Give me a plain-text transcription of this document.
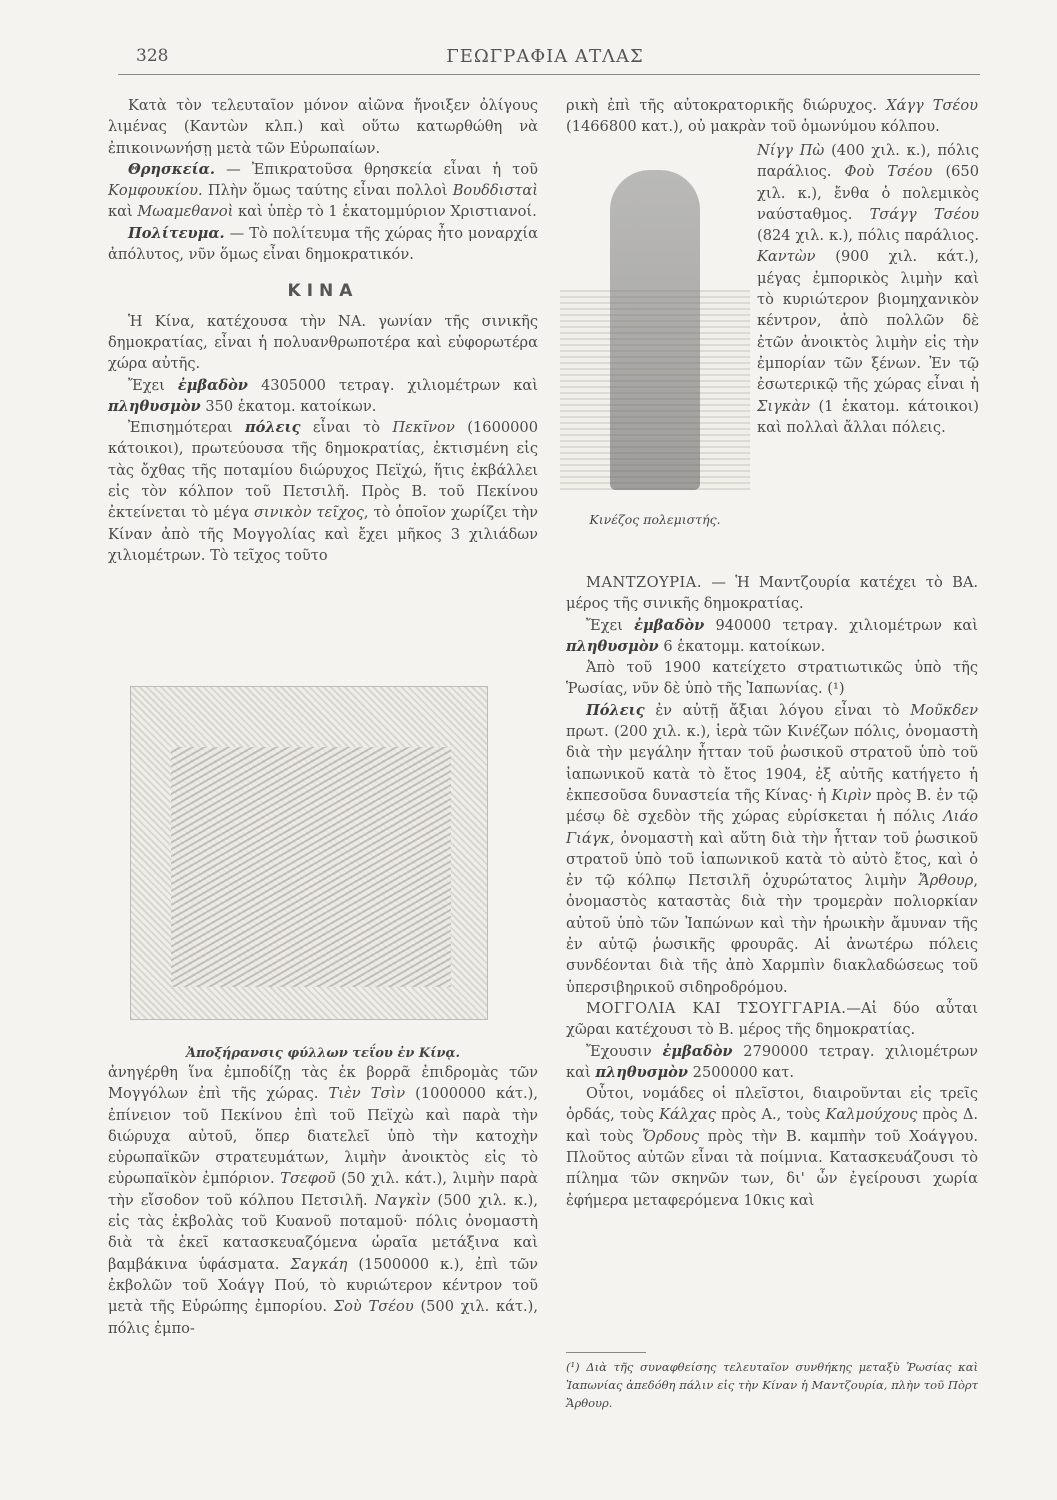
328	ΓΕΩΓΡΑΦΙΑ ΑΤΛΑΣ

Κατὰ τὸν τελευταῖον μόνον αἰῶνα ἤνοιξεν ὀλίγους λιμένας (Καντὼν κλπ.) καὶ οὕτω κατωρθώθη νὰ ἐπικοινωνήσῃ μετὰ τῶν Εὐρωπαίων.

Θρησκεία. — Ἐπικρατοῦσα θρησκεία εἶναι ἡ τοῦ Κομφουκίου. Πλὴν ὅμως ταύτης εἶναι πολλοὶ Βουδδισταὶ καὶ Μωαμεθανοὶ καὶ ὑπὲρ τὸ 1 ἑκατομμύριον Χριστιανοί.

Πολίτευμα. — Τὸ πολίτευμα τῆς χώρας ἦτο μοναρχία ἀπόλυτος, νῦν ὅμως εἶναι δημοκρατικόν.

ΚΙΝΑ

Ἡ Κίνα, κατέχουσα τὴν ΝΑ. γωνίαν τῆς σινικῆς δημοκρατίας, εἶναι ἡ πολυανθρωποτέρα καὶ εὐφορωτέρα χώρα αὐτῆς.

Ἔχει ἐμβαδὸν 4305000 τετραγ. χιλιομέτρων καὶ πληθυσμὸν 350 ἑκατομ. κατοίκων.

Ἐπισημότεραι πόλεις εἶναι τὸ Πεκῖνον (1600000 κάτοικοι), πρωτεύουσα τῆς δημοκρατίας, ἐκτισμένη εἰς τὰς ὄχθας τῆς ποταμίου διώρυχος Πεϊχώ, ἥτις ἐκβάλλει εἰς τὸν κόλπον τοῦ Πετσιλῆ. Πρὸς Β. τοῦ Πεκίνου ἐκτείνεται τὸ μέγα σινικὸν τεῖχος, τὸ ὁποῖον χωρίζει τὴν Κίναν ἀπὸ τῆς Μογγολίας καὶ ἔχει μῆκος 3 χιλιάδων χιλιομέτρων. Τὸ τεῖχος τοῦτο

Ἀποξήρανσις φύλλων τεΐου ἐν Κίνᾳ.

ἀνηγέρθη ἵνα ἐμποδίζῃ τὰς ἐκ βορρᾶ ἐπιδρομὰς τῶν Μογγόλων ἐπὶ τῆς χώρας. Τιὲν Τσὶν (1000000 κάτ.), ἐπίνειον τοῦ Πεκίνου ἐπὶ τοῦ Πεϊχὼ καὶ παρὰ τὴν διώρυχα αὐτοῦ, ὅπερ διατελεῖ ὑπὸ τὴν κατοχὴν εὐρωπαϊκῶν στρατευμάτων, λιμὴν ἀνοικτὸς εἰς τὸ εὐρωπαϊκὸν ἐμπόριον. Τσεφοῦ (50 χιλ. κάτ.), λιμὴν παρὰ τὴν εἴσοδον τοῦ κόλπου Πετσιλῆ. Ναγκὶν (500 χιλ. κ.), εἰς τὰς ἐκβολὰς τοῦ Κυανοῦ ποταμοῦ· πόλις ὀνομαστὴ διὰ τὰ ἐκεῖ κατασκευαζόμενα ὡραῖα μετάξινα καὶ βαμβάκινα ὑφάσματα. Σαγκάη (1500000 κ.), ἐπὶ τῶν ἐκβολῶν τοῦ Χοάγγ Πού, τὸ κυριώτερον κέντρον τοῦ μετὰ τῆς Εὐρώπης ἐμπορίου. Σοὺ Τσέου (500 χιλ. κάτ.), πόλις ἐμπο-

ρικὴ ἐπὶ τῆς αὐτοκρατορικῆς διώρυχος. Χάγγ Τσέου (1466800 κατ.), οὐ μακρὰν τοῦ ὁμωνύμου κόλπου.

Κινέζος πολεμιστής.

Νίγγ Πὼ (400 χιλ. κ.), πόλις παράλιος. Φοὺ Τσέου (650 χιλ. κ.), ἔνθα ὁ πολεμικὸς ναύσταθμος. Τσάγγ Τσέου (824 χιλ. κ.), πόλις παράλιος. Καντὼν (900 χιλ. κάτ.), μέγας ἐμπορικὸς λιμὴν καὶ τὸ κυριώτερον βιομηχανικὸν κέντρον, ἀπὸ πολλῶν δὲ ἐτῶν ἀνοικτὸς λιμὴν εἰς τὴν ἐμπορίαν τῶν ξένων. Ἐν τῷ ἐσωτερικῷ τῆς χώρας εἶναι ἡ Σιγκὰν (1 ἑκατομ. κάτοικοι) καὶ πολλαὶ ἄλλαι πόλεις.

ΜΑΝΤΖΟΥΡΙΑ. — Ἡ Μαντζουρία κατέχει τὸ ΒΑ. μέρος τῆς σινικῆς δημοκρατίας.

Ἔχει ἐμβαδὸν 940000 τετραγ. χιλιομέτρων καὶ πληθυσμὸν 6 ἑκατομμ. κατοίκων.

Ἀπὸ τοῦ 1900 κατείχετο στρατιωτικῶς ὑπὸ τῆς Ῥωσίας, νῦν δὲ ὑπὸ τῆς Ἰαπωνίας. (¹)

Πόλεις ἐν αὐτῇ ἄξιαι λόγου εἶναι τὸ Μοῦκδεν πρωτ. (200 χιλ. κ.), ἱερὰ τῶν Κινέζων πόλις, ὀνομαστὴ διὰ τὴν μεγάλην ἧτταν τοῦ ῥωσικοῦ στρατοῦ ὑπὸ τοῦ ἰαπωνικοῦ κατὰ τὸ ἔτος 1904, ἐξ αὐτῆς κατήγετο ἡ ἐκπεσοῦσα δυναστεία τῆς Κίνας· ἡ Κιρὶν πρὸς Β. ἐν τῷ μέσῳ δὲ σχεδὸν τῆς χώρας εὑρίσκεται ἡ πόλις Λιάο Γιάγκ, ὀνομαστὴ καὶ αὕτη διὰ τὴν ἧτταν τοῦ ῥωσικοῦ στρατοῦ ὑπὸ τοῦ ἰαπωνικοῦ κατὰ τὸ αὐτὸ ἔτος, καὶ ὁ ἐν τῷ κόλπῳ Πετσιλῆ ὀχυρώτατος λιμὴν Ἄρθουρ, ὀνομαστὸς καταστὰς διὰ τὴν τρομερὰν πολιορκίαν αὐτοῦ ὑπὸ τῶν Ἰαπώνων καὶ τὴν ἡρωικὴν ἄμυναν τῆς ἐν αὐτῷ ῥωσικῆς φρουρᾶς. Αἱ ἀνωτέρω πόλεις συνδέονται διὰ τῆς ἀπὸ Χαρμπὶν διακλαδώσεως τοῦ ὑπερσιβηρικοῦ σιδηροδρόμου.

ΜΟΓΓΟΛΙΑ ΚΑΙ ΤΣΟΥΓΓΑΡΙΑ.—Αἱ δύο αὗται χῶραι κατέχουσι τὸ Β. μέρος τῆς δημοκρατίας.

Ἔχουσιν ἐμβαδὸν 2790000 τετραγ. χιλιομέτρων καὶ πληθυσμὸν 2500000 κατ.

Οὗτοι, νομάδες οἱ πλεῖστοι, διαιροῦνται εἰς τρεῖς ὀρδάς, τοὺς Κάλχας πρὸς Α., τοὺς Καλμούχους πρὸς Δ. καὶ τοὺς Ὄρδους πρὸς τὴν Β. καμπὴν τοῦ Χοάγγου. Πλοῦτος αὐτῶν εἶναι τὰ ποίμνια. Κατασκευάζουσι τὸ πίλημα τῶν σκηνῶν των, δι' ὧν ἐγείρουσι χωρία ἐφήμερα μεταφερόμενα 10κις καὶ

(¹) Διὰ τῆς συναφθείσης τελευταῖον συνθήκης μεταξὺ Ῥωσίας καὶ Ἰαπωνίας ἀπεδόθη πάλιν εἰς τὴν Κίναν ἡ Μαντζουρία, πλὴν τοῦ Πὸρτ Ἄρθουρ.
